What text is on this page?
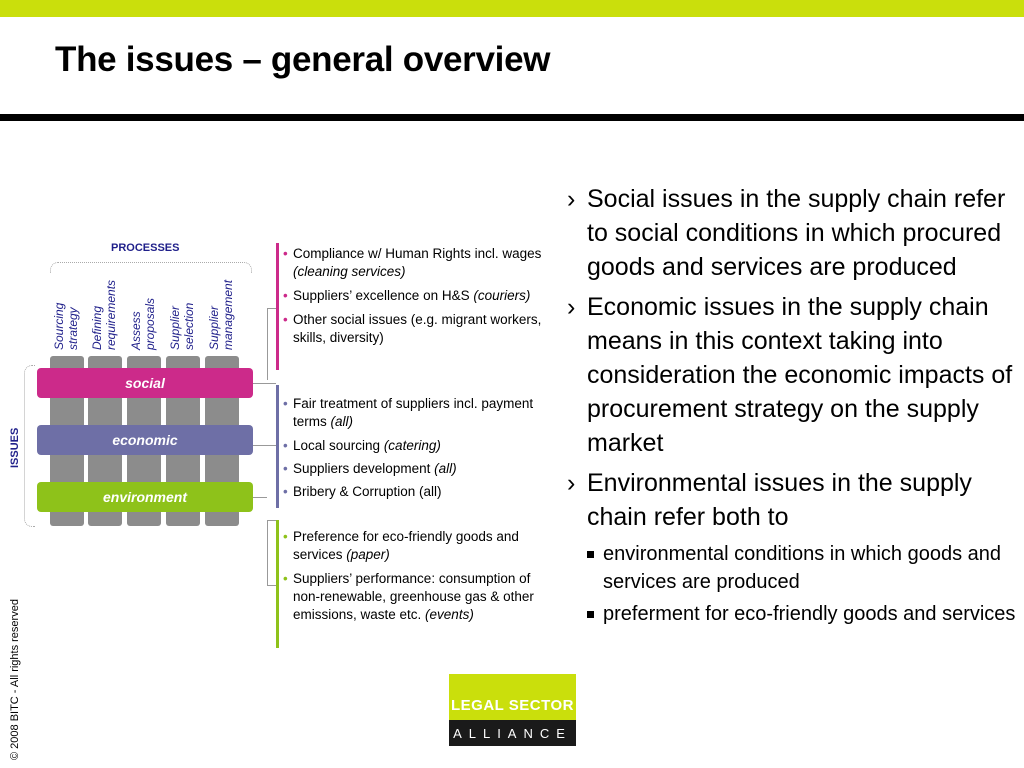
The issues – general overview
© 2008 BITC - All rights reserved
PROCESSES
Sourcing strategy Defining requirements Assess proposals Supplier selection Supplier management
social
economic
environment
ISSUES
• Compliance w/ Human Rights incl. wages (cleaning services)
• Suppliers’ excellence on H&S (couriers)
• Other social issues (e.g. migrant workers, skills, diversity)
• Fair treatment of suppliers incl. payment terms (all)
• Local sourcing (catering)
• Suppliers development (all)
• Bribery & Corruption (all)
• Preference for eco-friendly goods and services (paper)
• Suppliers’ performance: consumption of non-renewable, greenhouse gas & other emissions, waste etc. (events)
› Social issues in the supply chain refer to social conditions in which procured goods and services are produced
› Economic issues in the supply chain means in this context taking into consideration the economic impacts of procurement strategy on the supply market
› Environmental issues in the supply chain refer both to
environmental conditions in which goods and services are produced
preferment for eco-friendly goods and services
LEGAL SECTOR
ALLIANCE
